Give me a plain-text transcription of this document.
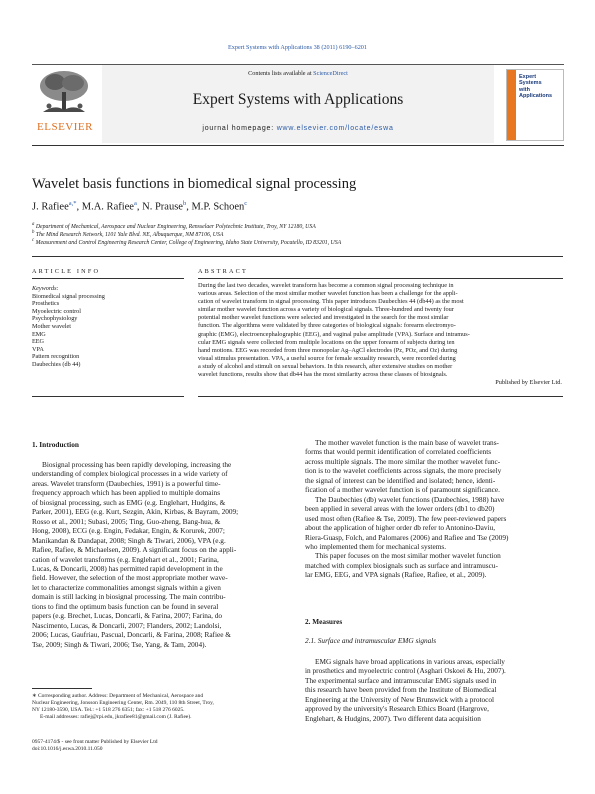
Expert Systems with Applications 38 (2011) 6190–6201
ELSEVIER
Contents lists available at ScienceDirect
Expert Systems with Applications
journal homepage: www.elsevier.com/locate/eswa
Expert
Systems
with
Applications
Wavelet basis functions in biomedical signal processing
J. Rafiee$^{a,*}$, M.A. Rafiee$^a$, N. Prause$^b$, M.P. Schoen$^c$
$^a$ Department of Mechanical, Aerospace and Nuclear Engineering, Rensselaer Polytechnic Institute, Troy, NY 12180, USA
$^b$ The Mind Research Network, 1101 Yale Blvd. NE, Albuquerque, NM 87106, USA
$^c$ Measurement and Control Engineering Research Center, College of Engineering, Idaho State University, Pocatello, ID 83201, USA
ARTICLE INFO	ABSTRACT
Keywords:
Biomedical signal processing
Prosthetics
Myoelectric control
Psychophysiology
Mother wavelet
EMG
EEG
VPA
Pattern recognition
Daubechies (db 44)
During the last two decades, wavelet transform has become a common signal processing technique in
various areas. Selection of the most similar mother wavelet function has been a challenge for the appli-
cation of wavelet transform in signal processing. This paper introduces Daubechies 44 (db44) as the most
similar mother wavelet function across a variety of biological signals. Three-hundred and twenty four
potential mother wavelet functions were selected and investigated in the search for the most similar
function. The algorithms were validated by three categories of biological signals: forearm electromyo-
graphic (EMG), electroencephalographic (EEG), and vaginal pulse amplitude (VPA). Surface and intramus-
cular EMG signals were collected from multiple locations on the upper forearm of subjects during ten
hand motions. EEG was recorded from three monopolar Ag–AgCl electrodes (Pz, POz, and Oz) during
visual stimulus presentation. VPA, a useful source for female sexuality research, were recorded during
a study of alcohol and stimuli on sexual behaviors. In this research, after extensive studies on mother
wavelet functions, results show that db44 has the most similarity across these classes of biosignals.
Published by Elsevier Ltd.
1. Introduction
Biosignal processing has been rapidly developing, increasing the
understanding of complex biological processes in a wide variety of
areas. Wavelet transform (Daubechies, 1991) is a powerful time-
frequency approach which has been applied to multiple domains
of biosignal processing, such as EMG (e.g. Englehart, Hudgins, &
Parker, 2001), EEG (e.g. Kurt, Sezgin, Akin, Kirbas, & Bayram, 2009;
Rosso et al., 2001; Subasi, 2005; Ting, Guo-zheng, Bang-hua, &
Hong, 2008), ECG (e.g. Engin, Fedakar, Engin, & Korurek, 2007;
Manikandan & Dandapat, 2008; Singh & Tiwari, 2006), VPA (e.g.
Rafiee, Rafiee, & Michaelsen, 2009). A significant focus on the appli-
cation of wavelet transforms (e.g. Englehart et al., 2001; Farina,
Lucas, & Doncarli, 2008) has permitted rapid development in the
field. However, the selection of the most appropriate mother wave-
let to characterize commonalities amongst signals within a given
domain is still lacking in biosignal processing. The main contribu-
tions to find the optimum basis function can be found in several
papers (e.g. Brechet, Lucas, Doncarli, & Farina, 2007; Farina, do
Nascimento, Lucas, & Doncarli, 2007; Flanders, 2002; Landolsi,
2006; Lucas, Gaufriau, Pascual, Doncarli, & Farina, 2008; Rafiee &
Tse, 2009; Singh & Tiwari, 2006; Tse, Yang, & Tam, 2004).
∗ Corresponding author. Address: Department of Mechanical, Aerospace and
Nuclear Engineering, Jonsson Engineering Center, Rm. 2049, 110 8th Street, Troy,
NY 12180-3590, USA. Tel.: +1 518 276 6351; fax: +1 518 276 6025.
E-mail addresses: rafiej@rpi.edu, jkrafiee81@gmail.com (J. Rafiee).
0957-4174/$ - see front matter Published by Elsevier Ltd
doi:10.1016/j.eswa.2010.11.050
The mother wavelet function is the main base of wavelet trans-
forms that would permit identification of correlated coefficients
across multiple signals. The more similar the mother wavelet func-
tion is to the wavelet coefficients across signals, the more precisely
the signal of interest can be identified and isolated; hence, identi-
fication of a mother wavelet function is of paramount significance.
The Daubechies (db) wavelet functions (Daubechies, 1988) have
been applied in several areas with the lower orders (db1 to db20)
used most often (Rafiee & Tse, 2009). The few peer-reviewed papers
about the application of higher order db refer to Antonino-Daviu,
Riera-Guasp, Folch, and Palomares (2006) and Rafiee and Tse (2009)
who implemented them for mechanical systems.
This paper focuses on the most similar mother wavelet function
matched with complex biosignals such as surface and intramuscu-
lar EMG, EEG, and VPA signals (Rafiee, Rafiee, et al., 2009).
2. Measures
2.1. Surface and intramuscular EMG signals
EMG signals have broad applications in various areas, especially
in prosthetics and myoelectric control (Asghari Oskoei & Hu, 2007).
The experimental surface and intramuscular EMG signals used in
this research have been provided from the Institute of Biomedical
Engineering at the University of New Brunswick with a protocol
approved by the university's Research Ethics Board (Hargrove,
Englehart, & Hudgins, 2007). Two different data acquisition
